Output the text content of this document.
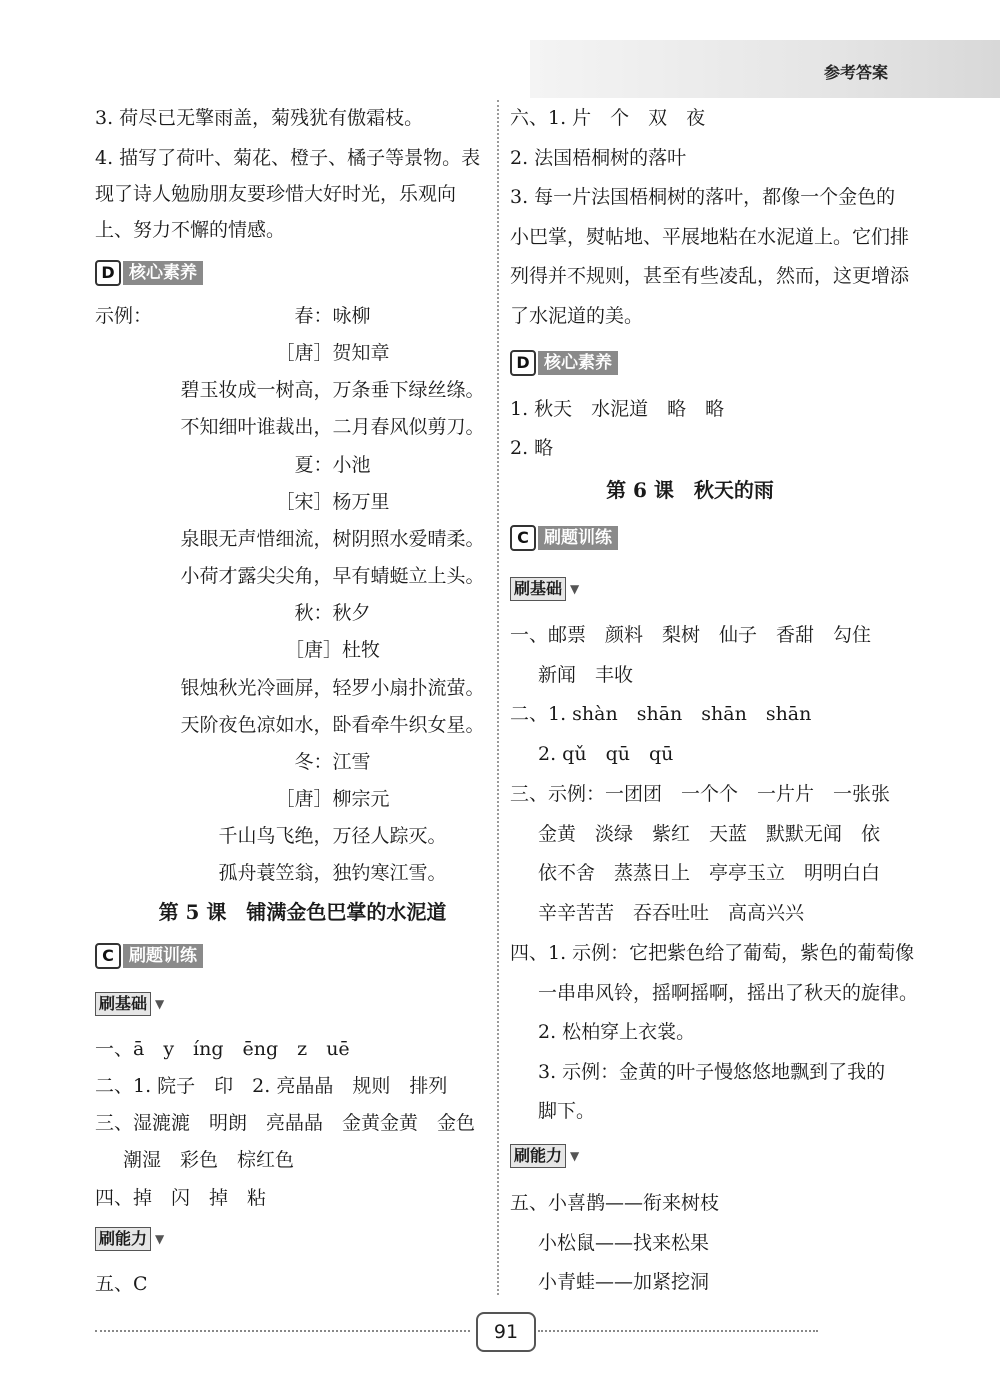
参考答案
3. 荷尽已无擎雨盖，菊残犹有傲霜枝。
4. 描写了荷叶、菊花、橙子、橘子等景物。表
现了诗人勉励朋友要珍惜大好时光，乐观向
上、努力不懈的情感。
D 核心素养
示例：	春：咏柳
［唐］贺知章
碧玉妆成一树高，万条垂下绿丝绦。
不知细叶谁裁出，二月春风似剪刀。
夏：小池
［宋］杨万里
泉眼无声惜细流，树阴照水爱晴柔。
小荷才露尖尖角，早有蜻蜓立上头。
秋：秋夕
［唐］杜牧
银烛秋光冷画屏，轻罗小扇扑流萤。
天阶夜色凉如水，卧看牵牛织女星。
冬：江雪
［唐］柳宗元
千山鸟飞绝，万径人踪灭。
孤舟蓑笠翁，独钓寒江雪。
第 5 课　铺满金色巴掌的水泥道
C 刷题训练
刷基础 ▼
一、ā　y　íng　ēng　z　uē
二、1. 院子　印　2. 亮晶晶　规则　排列
三、湿漉漉　明朗　亮晶晶　金黄金黄　金色
潮湿　彩色　棕红色
四、掉　闪　掉　粘
刷能力 ▼
五、C
六、1. 片　个　双　夜
2. 法国梧桐树的落叶
3. 每一片法国梧桐树的落叶，都像一个金色的
小巴掌，熨帖地、平展地粘在水泥道上。它们排
列得并不规则，甚至有些凌乱，然而，这更增添
了水泥道的美。
D 核心素养
1. 秋天　水泥道　略　略
2. 略
第 6 课　秋天的雨
C 刷题训练
刷基础 ▼
一、邮票　颜料　梨树　仙子　香甜　勾住
新闻　丰收
二、1. shàn　shān　shān　shān
2. qǔ　qū　qū
三、示例：一团团　一个个　一片片　一张张
金黄　淡绿　紫红　天蓝　默默无闻　依
依不舍　蒸蒸日上　亭亭玉立　明明白白
辛辛苦苦　吞吞吐吐　高高兴兴
四、1. 示例：它把紫色给了葡萄，紫色的葡萄像
一串串风铃，摇啊摇啊，摇出了秋天的旋律。
2. 松柏穿上衣裳。
3. 示例：金黄的叶子慢悠悠地飘到了我的
脚下。
刷能力 ▼
五、小喜鹊——衔来树枝
小松鼠——找来松果
小青蛙——加紧挖洞
91
